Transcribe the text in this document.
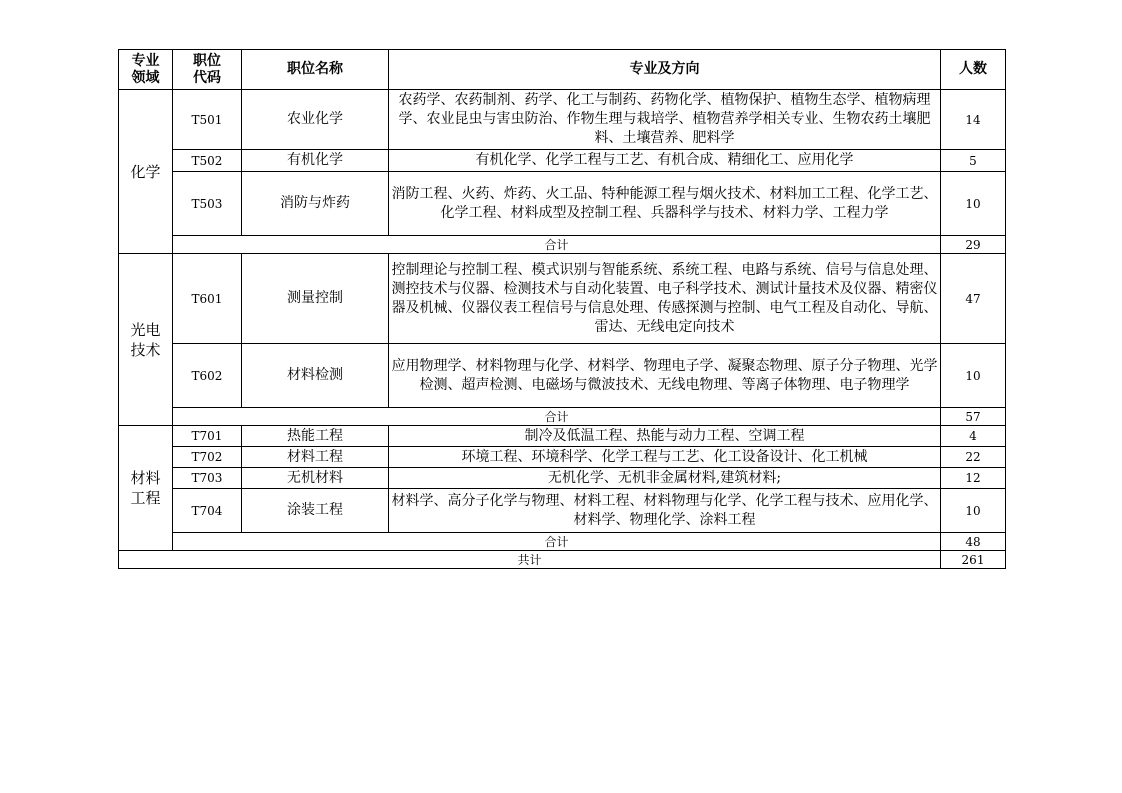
专业领域	职位代码	职位名称	专业及方向	人数
化学	T501	农业化学	农药学、农药制剂、药学、化工与制药、药物化学、植物保护、植物生态学、植物病理学、农业昆虫与害虫防治、作物生理与栽培学、植物营养学相关专业、生物农药土壤肥料、土壤营养、肥料学	14
	T502	有机化学	有机化学、化学工程与工艺、有机合成、精细化工、应用化学	5
	T503	消防与炸药	消防工程、火药、炸药、火工品、特种能源工程与烟火技术、材料加工工程、化学工艺、化学工程、材料成型及控制工程、兵器科学与技术、材料力学、工程力学	10
	合计			29
光电技术	T601	测量控制	控制理论与控制工程、模式识别与智能系统、系统工程、电路与系统、信号与信息处理、测控技术与仪器、检测技术与自动化装置、电子科学技术、测试计量技术及仪器、精密仪器及机械、仪器仪表工程信号与信息处理、传感探测与控制、电气工程及自动化、导航、雷达、无线电定向技术	47
	T602	材料检测	应用物理学、材料物理与化学、材料学、物理电子学、凝聚态物理、原子分子物理、光学检测、超声检测、电磁场与微波技术、无线电物理、等离子体物理、电子物理学	10
	合计			57
材料工程	T701	热能工程	制冷及低温工程、热能与动力工程、空调工程	4
	T702	材料工程	环境工程、环境科学、化学工程与工艺、化工设备设计、化工机械	22
	T703	无机材料	无机化学、无机非金属材料,建筑材料;	12
	T704	涂装工程	材料学、高分子化学与物理、材料工程、材料物理与化学、化学工程与技术、应用化学、材料学、物理化学、涂料工程	10
	合计			48
共计				261
